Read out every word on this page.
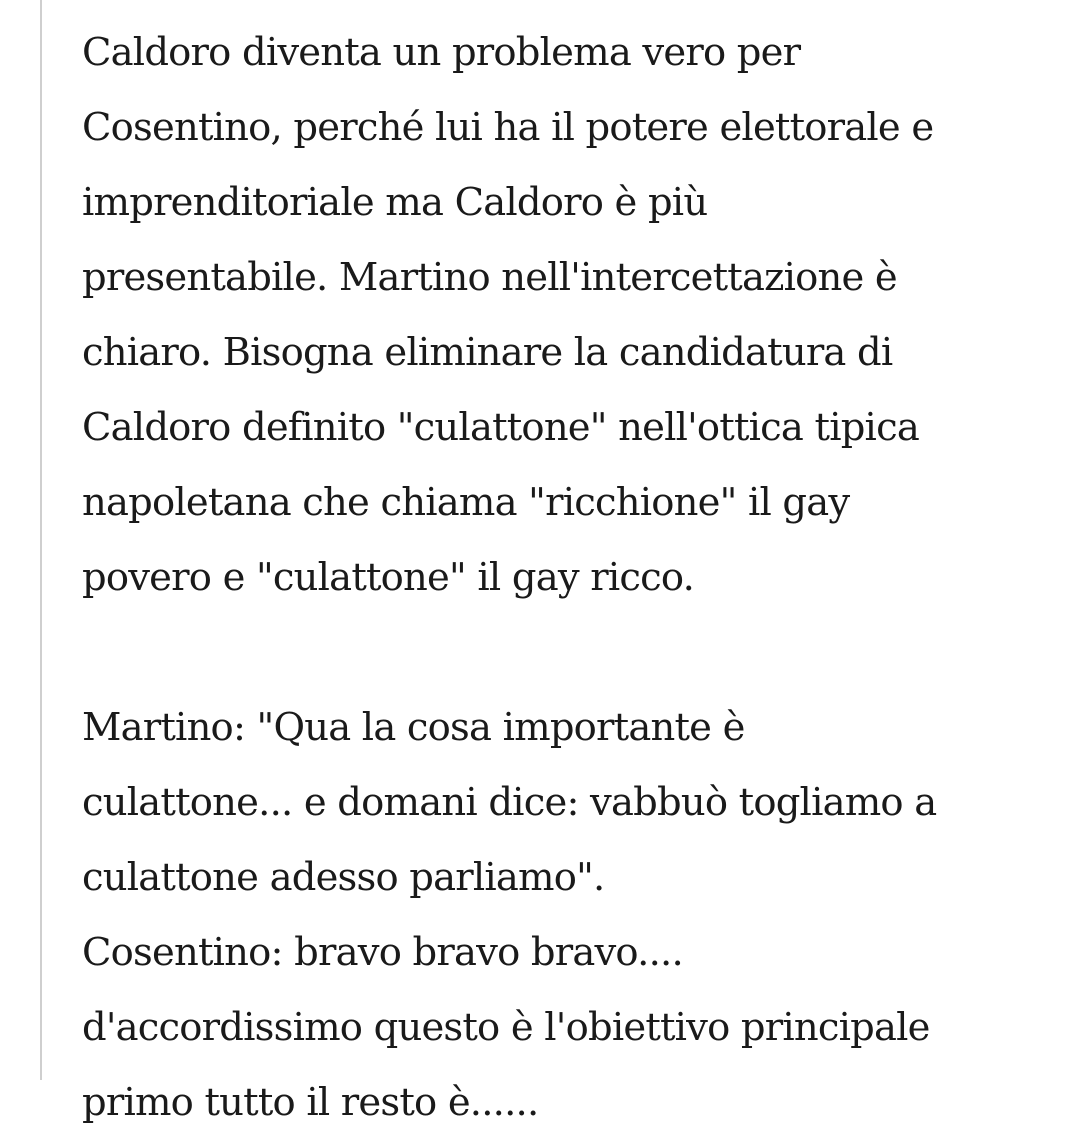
Caldoro diventa un problema vero per
Cosentino, perché lui ha il potere elettorale e
imprenditoriale ma Caldoro è più
presentabile. Martino nell'intercettazione è
chiaro. Bisogna eliminare la candidatura di
Caldoro definito "culattone" nell'ottica tipica
napoletana che chiama "ricchione" il gay
povero e "culattone" il gay ricco.
Martino: "Qua la cosa importante è
culattone... e domani dice: vabbuò togliamo a
culattone adesso parliamo".
Cosentino: bravo bravo bravo....
d'accordissimo questo è l'obiettivo principale
primo tutto il resto è......
